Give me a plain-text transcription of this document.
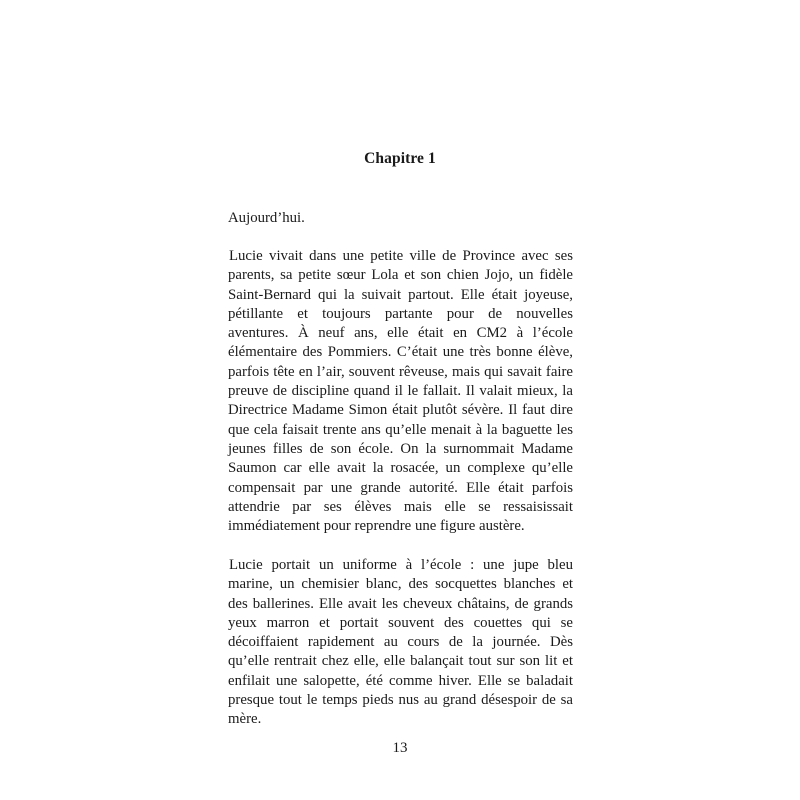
Chapitre 1

Aujourd’hui.

Lucie vivait dans une petite ville de Province avec ses parents, sa petite sœur Lola et son chien Jojo, un fidèle Saint-Bernard qui la suivait partout. Elle était joyeuse, pétillante et toujours partante pour de nouvelles aventures. À neuf ans, elle était en CM2 à l’école élémentaire des Pommiers. C’était une très bonne élève, parfois tête en l’air, souvent rêveuse, mais qui savait faire preuve de discipline quand il le fallait. Il valait mieux, la Directrice Madame Simon était plutôt sévère. Il faut dire que cela faisait trente ans qu’elle menait à la baguette les jeunes filles de son école. On la surnommait Madame Saumon car elle avait la rosacée, un complexe qu’elle compensait par une grande autorité. Elle était parfois attendrie par ses élèves mais elle se ressaisissait immédiatement pour reprendre une figure austère.

Lucie portait un uniforme à l’école : une jupe bleu marine, un chemisier blanc, des socquettes blanches et des ballerines. Elle avait les cheveux châtains, de grands yeux marron et portait souvent des couettes qui se décoiffaient rapidement au cours de la journée. Dès qu’elle rentrait chez elle, elle balançait tout sur son lit et enfilait une salopette, été comme hiver. Elle se baladait presque tout le temps pieds nus au grand désespoir de sa mère.

13
